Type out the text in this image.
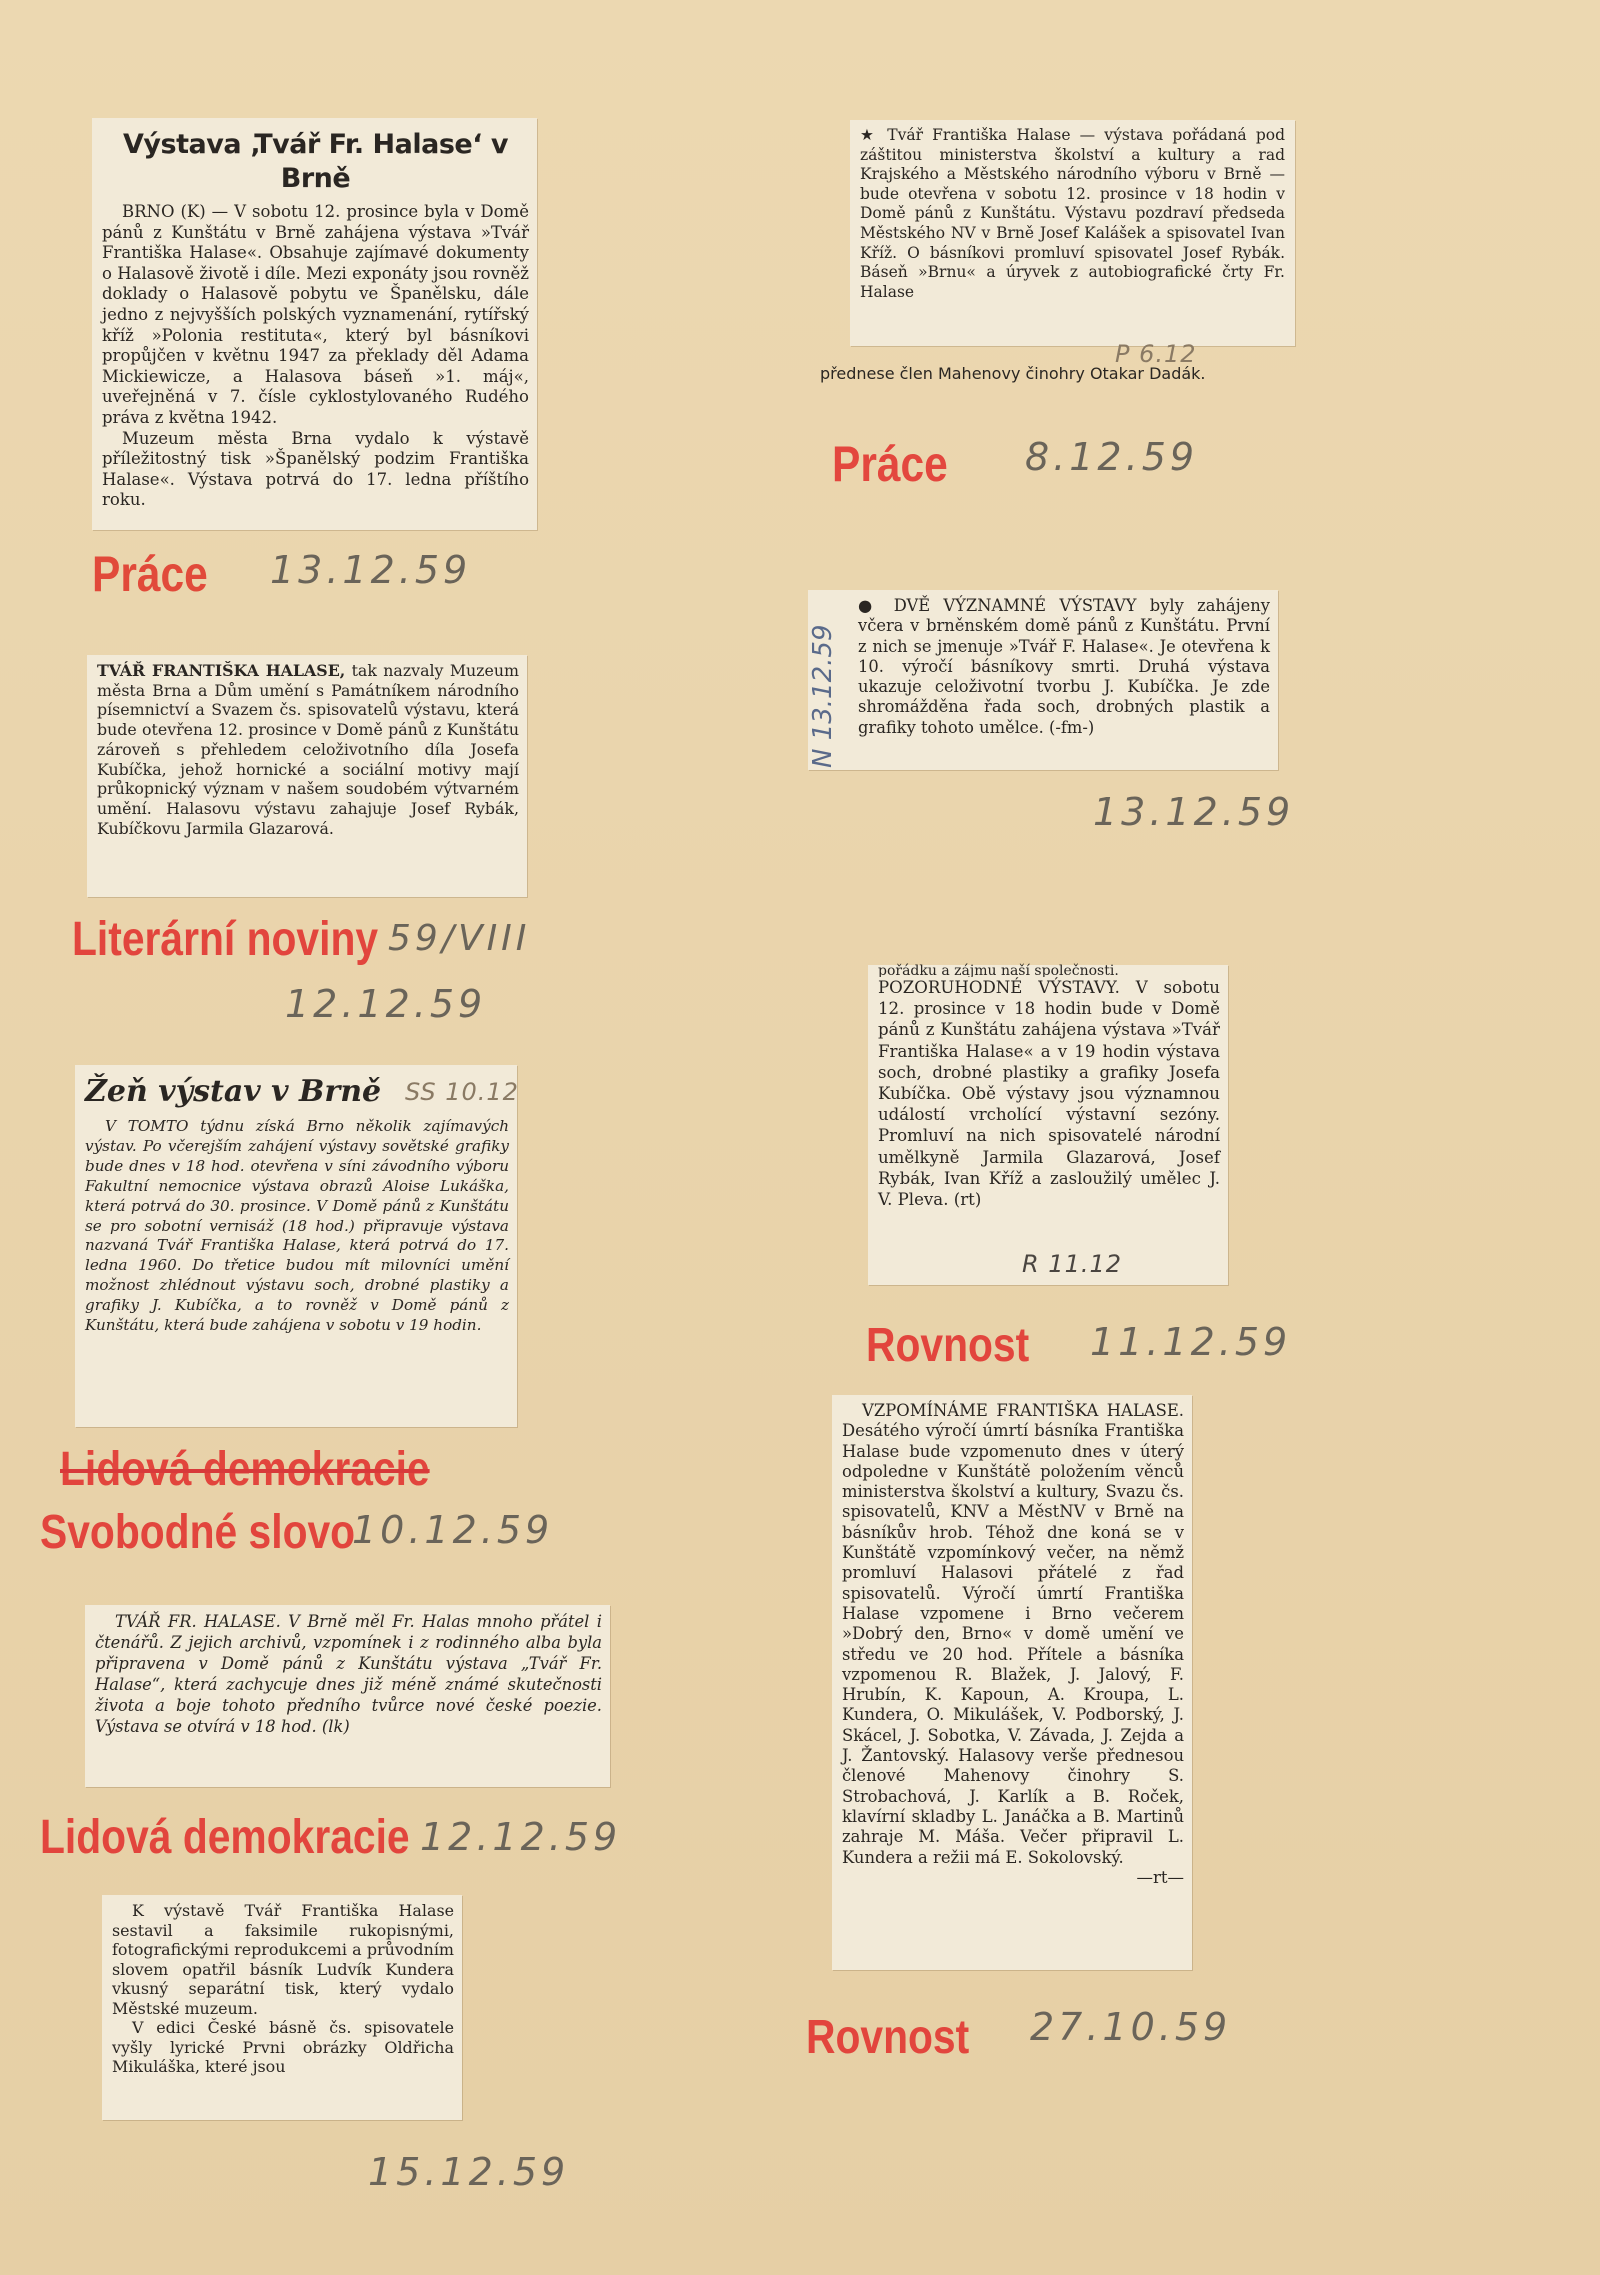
Výstava ‚Tvář Fr. Halase‘ v Brně

BRNO (K) — V sobotu 12. prosince byla v Domě pánů z Kunštátu v Brně zahájena výstava »Tvář Františka Halase«. Obsahuje zajímavé dokumenty o Halasově životě i díle. Mezi exponáty jsou rovněž doklady o Halasově pobytu ve Španělsku, dále jedno z nejvyšších polských vyznamenání, rytířský kříž »Polonia restituta«, který byl básníkovi propůjčen v květnu 1947 za překlady děl Adama Mickiewicze, a Halasova báseň »1. máj«, uveřejněná v 7. čísle cyklostylovaného Rudého práva z května 1942.

Muzeum města Brna vydalo k výstavě příležitostný tisk »Španělský podzim Františka Halase«. Výstava potrvá do 17. ledna příštího roku.

Práce 13.12.59

★ Tvář Františka Halase — výstava pořádaná pod záštitou ministerstva školství a kultury a rad Krajského a Městského národního výboru v Brně — bude otevřena v sobotu 12. prosince v 18 hodin v Domě pánů z Kunštátu. Výstavu pozdraví předseda Městského NV v Brně Josef Kalášek a spisovatel Ivan Kříž. O básníkovi promluví spisovatel Josef Rybák. Báseň »Brnu« a úryvek z autobiografické črty Fr. Halase

přednese člen Mahenovy činohry Otakar Dadák.

P 6.12
Práce 8.12.59

TVÁŘ FRANTIŠKA HALASE, tak nazvaly Muzeum města Brna a Dům umění s Památníkem národního písemnictví a Svazem čs. spisovatelů výstavu, která bude otevřena 12. prosince v Domě pánů z Kunštátu zároveň s přehledem celoživotního díla Josefa Kubíčka, jehož hornické a sociální motivy mají průkopnický význam v našem soudobém výtvarném umění. Halasovu výstavu zahajuje Josef Rybák, Kubíčkovu Jarmila Glazarová.

Literární noviny 59/VIII
12.12.59

● DVĚ VÝZNAMNÉ VÝSTAVY byly zahájeny včera v brněnském domě pánů z Kunštátu. První z nich se jmenuje »Tvář F. Halase«. Je otevřena k 10. výročí básníkovy smrti. Druhá výstava ukazuje celoživotní tvorbu J. Kubíčka. Je zde shromážděna řada soch, drobných plastik a grafiky tohoto umělce. (-fm-)

N 13.12.59
13.12.59
Žeň výstav v Brně

V TOMTO týdnu získá Brno několik zajímavých výstav. Po včerejším zahájení výstavy sovětské grafiky bude dnes v 18 hod. otevřena v síni závodního výboru Fakultní nemocnice výstava obrazů Aloise Lukáška, která potrvá do 30. prosince. V Domě pánů z Kunštátu se pro sobotní vernisáž (18 hod.) připravuje výstava nazvaná Tvář Františka Halase, která potrvá do 17. ledna 1960. Do třetice budou mít milovníci umění možnost zhlédnout výstavu soch, drobné plastiky a grafiky J. Kubíčka, a to rovněž v Domě pánů z Kunštátu, která bude zahájena v sobotu v 19 hodin.

SS 10.12
Lidová demokracie
Svobodné slovo
10.12.59
pořádku a zájmu naší společnosti.

POZORUHODNÉ VÝSTAVY. V sobotu 12. prosince v 18 hodin bude v Domě pánů z Kunštátu zahájena výstava »Tvář Františka Halase« a v 19 hodin výstava soch, drobné plastiky a grafiky Josefa Kubíčka. Obě výstavy jsou významnou událostí vrcholící výstavní sezóny. Promluví na nich spisovatelé národní umělkyně Jarmila Glazarová, Josef Rybák, Ivan Kříž a zasloužilý umělec J. V. Pleva. (rt)

R 11.12
Rovnost 11.12.59

TVÁŘ FR. HALASE. V Brně měl Fr. Halas mnoho přátel i čtenářů. Z jejich archivů, vzpomínek i z rodinného alba byla připravena v Domě pánů z Kunštátu výstava „Tvář Fr. Halase“, která zachycuje dnes již méně známé skutečnosti života a boje tohoto předního tvůrce nové české poezie. Výstava se otvírá v 18 hod. (lk)

Lidová demokracie 12.12.59

VZPOMÍNÁME FRANTIŠKA HALASE. Desátého výročí úmrtí básníka Františka Halase bude vzpomenuto dnes v úterý odpoledne v Kunštátě položením věnců ministerstva školství a kultury, Svazu čs. spisovatelů, KNV a MěstNV v Brně na básníkův hrob. Téhož dne koná se v Kunštátě vzpomínkový večer, na němž promluví Halasovi přátelé z řad spisovatelů. Výročí úmrtí Františka Halase vzpomene i Brno večerem »Dobrý den, Brno« v domě umění ve středu ve 20 hod. Přítele a básníka vzpomenou R. Blažek, J. Jalový, F. Hrubín, K. Kapoun, A. Kroupa, L. Kundera, O. Mikulášek, V. Podborský, J. Skácel, J. Sobotka, V. Závada, J. Zejda a J. Žantovský. Halasovy verše přednesou členové Mahenovy činohry S. Strobachová, J. Karlík a B. Roček, klavírní skladby L. Janáčka a B. Martinů zahraje M. Máša. Večer připravil L. Kundera a režii má E. Sokolovský.

—rt—

Rovnost 27.10.59

K výstavě Tvář Františka Halase sestavil a faksimile rukopisnými, fotografickými reprodukcemi a průvodním slovem opatřil básník Ludvík Kundera vkusný separátní tisk, který vydalo Městské muzeum.

V edici České básně čs. spisovatele vyšly lyrické Prvni obrázky Oldřicha Mikuláška, které jsou

15.12.59
